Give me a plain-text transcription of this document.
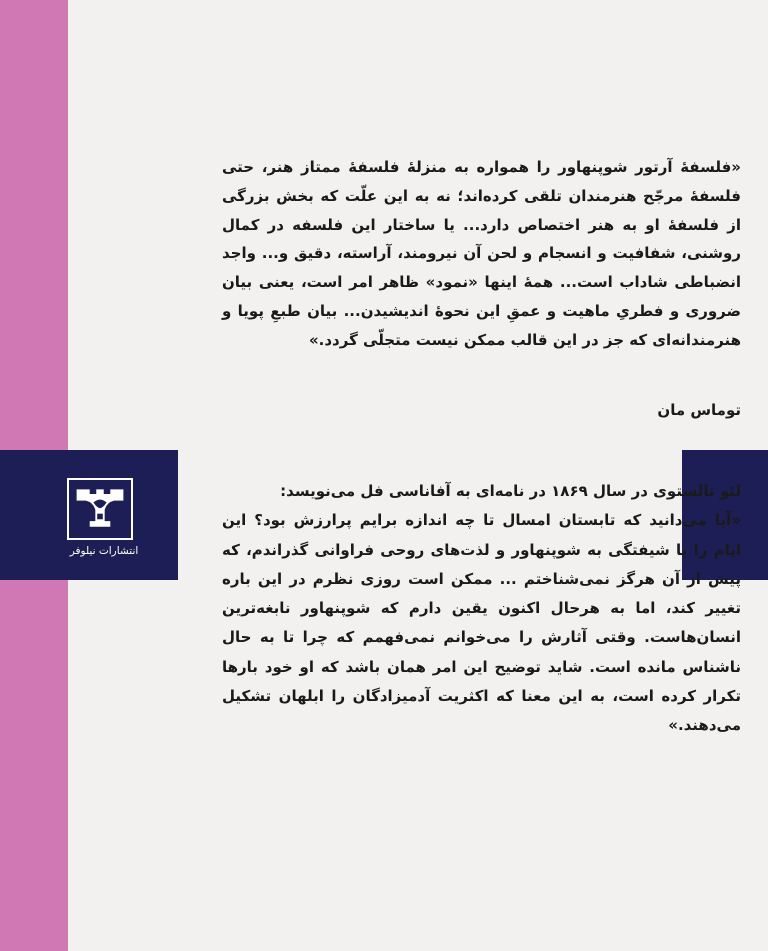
انتشارات نیلوفر
«فلسفهٔ آرتور شوپنهاور را همواره به منزلهٔ فلسفهٔ ممتاز هنر، حتی فلسفهٔ مرجّح هنرمندان تلقی کرده‌اند؛ نه به این علّت که بخش بزرگی از فلسفهٔ او به هنر اختصاص دارد... یا ساختار این فلسفه در کمال روشنی، شفافیت و انسجام و لحن آن نیرومند، آراسته، دقیق و... واجد انضباطی شاداب است... همهٔ اینها «نمود» ظاهر امر است، یعنی بیان ضروری و فطریِ ماهیت و عمقِ این نحوهٔ اندیشیدن... بیان طبعِ پویا و هنرمندانه‌ای که جز در این قالب ممکن نیست متجلّی گردد.»
توماس مان

لئو تالستوی در سال ۱۸۶۹ در نامه‌ای به آفاناسی فل می‌نویسد:

«آیا می‌دانید که تابستان امسال تا چه اندازه برایم پرارزش بود؟ این ایام را با شیفتگی به شوپنهاور و لذت‌های روحی فراوانی گذراندم، که پیش از آن هرگز نمی‌شناختم ... ممکن است روزی نظرم در این باره تغییر کند، اما به هرحال اکنون یقین دارم که شوپنهاور نابغه‌ترین انسان‌هاست. وقتی آثارش را می‌خوانم نمی‌فهمم که چرا تا به حال ناشناس مانده است. شاید توضیح این امر همان باشد که او خود بارها تکرار کرده است، به این معنا که اکثریت آدمیزادگان را ابلهان تشکیل می‌دهند.»
